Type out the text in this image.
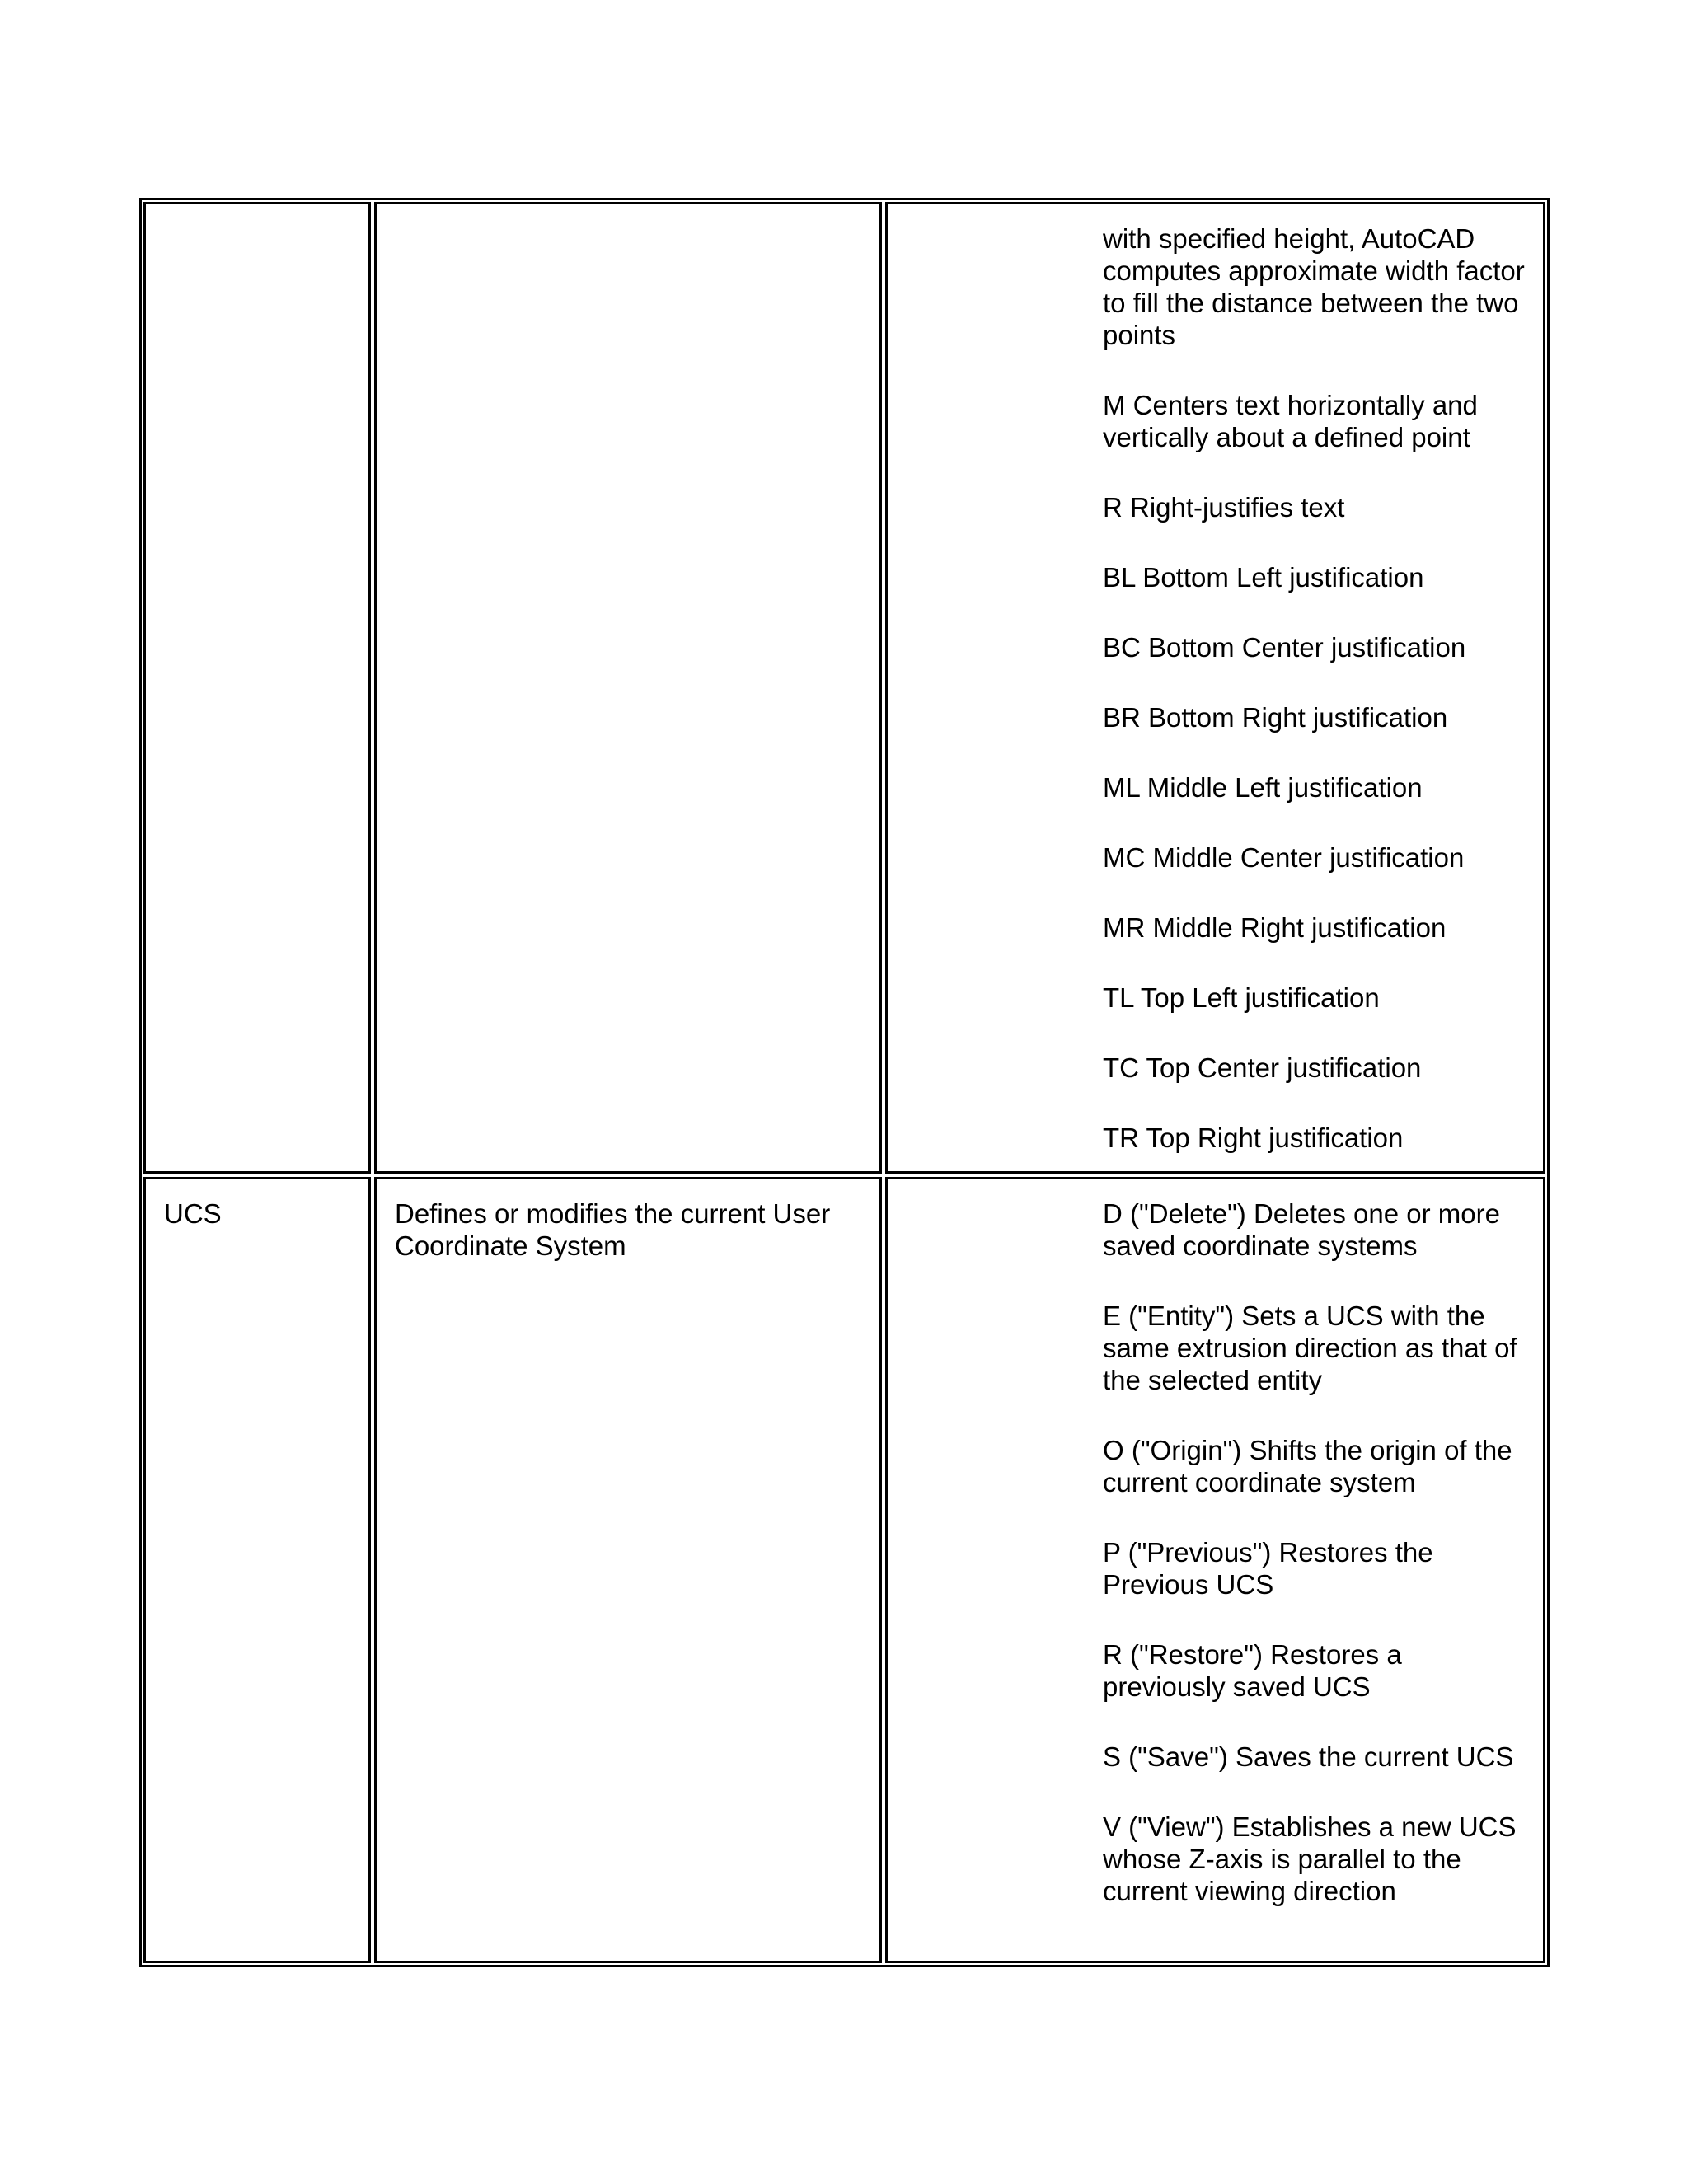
with specified height, AutoCAD computes approximate width factor to fill the distance between the two points

M Centers text horizontally and vertically about a defined point

R Right-justifies text

BL Bottom Left justification

BC Bottom Center justification

BR Bottom Right justification

ML Middle Left justification

MC Middle Center justification

MR Middle Right justification

TL Top Left justification

TC Top Center justification

TR Top Right justification

UCS	Defines or modifies the current User Coordinate System

D ("Delete") Deletes one or more saved coordinate systems

E ("Entity") Sets a UCS with the same extrusion direction as that of the selected entity

O ("Origin") Shifts the origin of the current coordinate system

P ("Previous") Restores the Previous UCS

R ("Restore") Restores a previously saved UCS

S ("Save") Saves the current UCS

V ("View") Establishes a new UCS whose Z-axis is parallel to the current viewing direction
